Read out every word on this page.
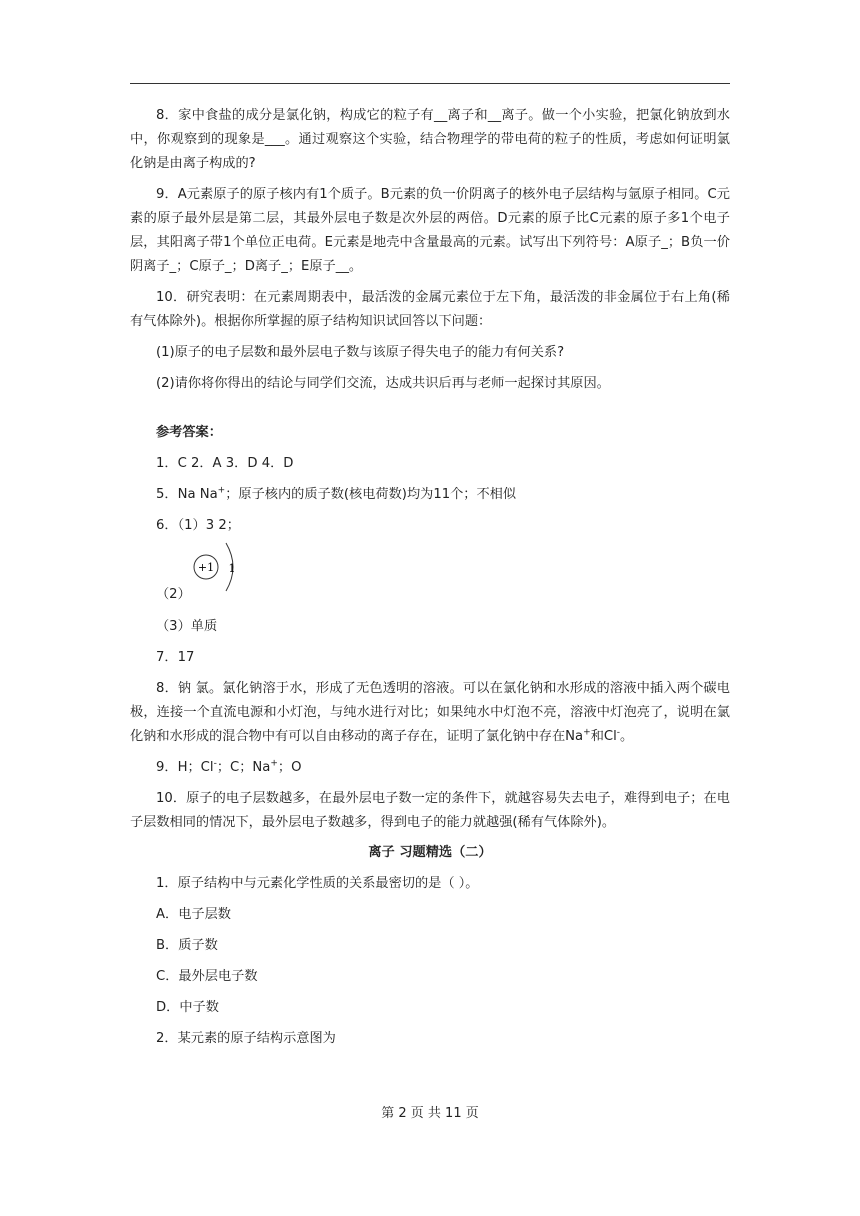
8．家中食盐的成分是氯化钠，构成它的粒子有__离子和__离子。做一个小实验，把氯化钠放到水中，你观察到的现象是___。通过观察这个实验，结合物理学的带电荷的粒子的性质，考虑如何证明氯化钠是由离子构成的?

9．A元素原子的原子核内有1个质子。B元素的负一价阴离子的核外电子层结构与氩原子相同。C元素的原子最外层是第二层，其最外层电子数是次外层的两倍。D元素的原子比C元素的原子多1个电子层，其阳离子带1个单位正电荷。E元素是地壳中含量最高的元素。试写出下列符号：A原子_；B负一价阴离子_；C原子_；D离子_；E原子__。

10．研究表明：在元素周期表中，最活泼的金属元素位于左下角，最活泼的非金属位于右上角(稀有气体除外)。根据你所掌握的原子结构知识试回答以下问题：

(1)原子的电子层数和最外层电子数与该原子得失电子的能力有何关系?

(2)请你将你得出的结论与同学们交流，达成共识后再与老师一起探讨其原因。

参考答案：

1．C 2．A 3．D 4．D

5．Na Na+；原子核内的质子数(核电荷数)均为11个；不相似

6．（1）3 2；

+1 1
（2）

（3）单质

7．17

8．钠 氯。氯化钠溶于水，形成了无色透明的溶液。可以在氯化钠和水形成的溶液中插入两个碳电极，连接一个直流电源和小灯泡，与纯水进行对比；如果纯水中灯泡不亮，溶液中灯泡亮了，说明在氯化钠和水形成的混合物中有可以自由移动的离子存在，证明了氯化钠中存在Na+和Cl-。

9．H；Cl-；C；Na+；O

10．原子的电子层数越多，在最外层电子数一定的条件下，就越容易失去电子，难得到电子；在电子层数相同的情况下，最外层电子数越多，得到电子的能力就越强(稀有气体除外)。

离子 习题精选（二）

1．原子结构中与元素化学性质的关系最密切的是（ ）。

A．电子层数

B．质子数

C．最外层电子数

D．中子数

2．某元素的原子结构示意图为

第 2 页 共 11 页
